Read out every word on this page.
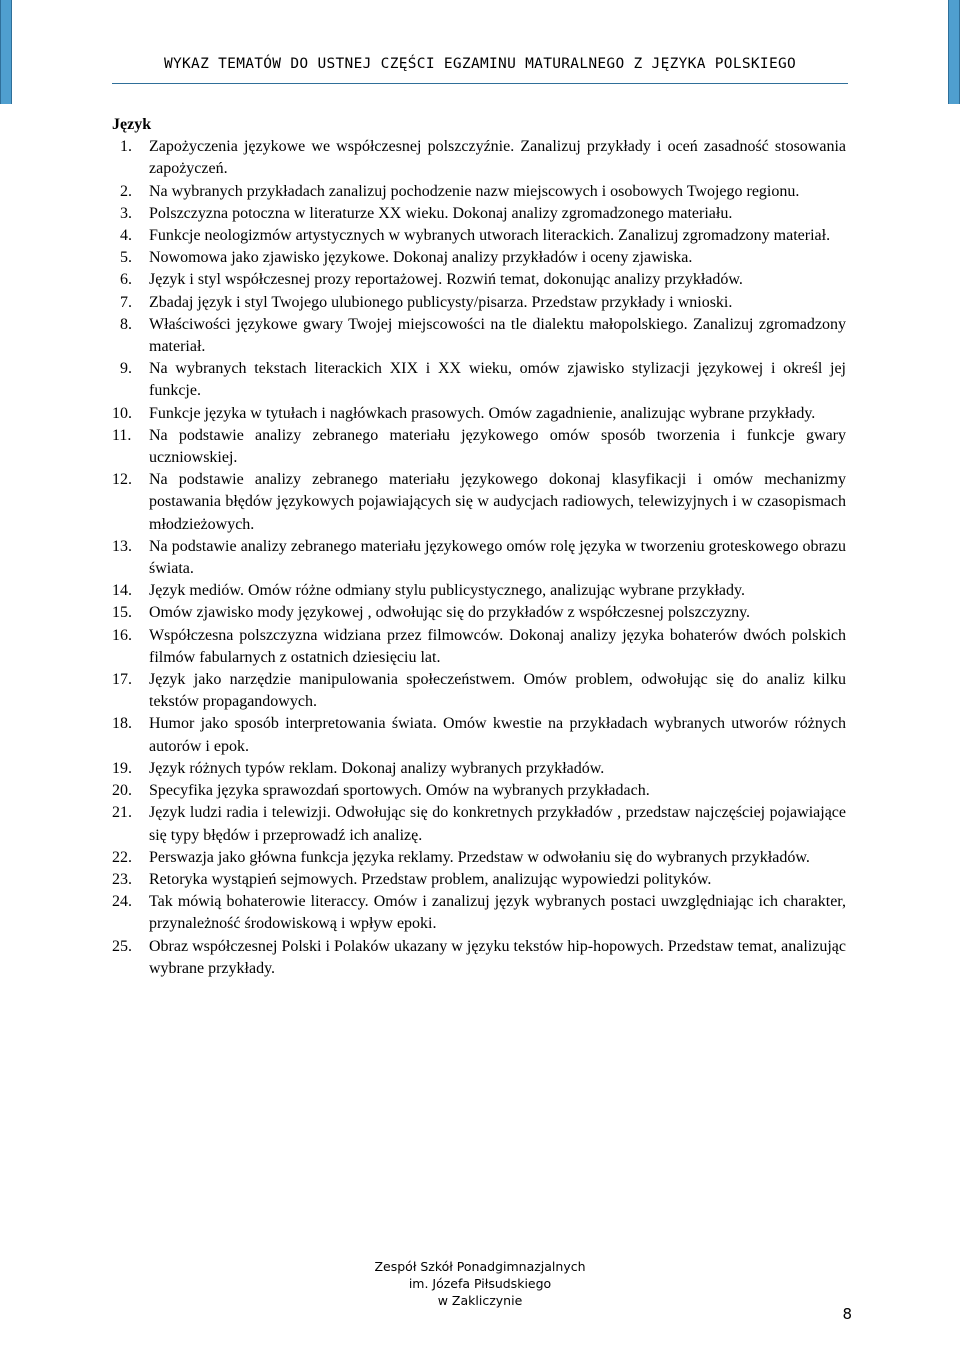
WYKAZ TEMATÓW DO USTNEJ CZĘŚCI EGZAMINU MATURALNEGO Z JĘZYKA POLSKIEGO
Język
1.	Zapożyczenia językowe we współczesnej polszczyźnie. Zanalizuj przykłady i oceń zasadność stosowania zapożyczeń.
2.	Na wybranych przykładach zanalizuj pochodzenie nazw miejscowych i osobowych Twojego regionu.
3.	Polszczyzna potoczna w literaturze XX wieku. Dokonaj analizy zgromadzonego materiału.
4.	Funkcje neologizmów artystycznych w wybranych utworach literackich. Zanalizuj zgromadzony materiał.
5.	Nowomowa jako zjawisko językowe. Dokonaj analizy przykładów i oceny zjawiska.
6.	Język i styl współczesnej prozy reportażowej. Rozwiń temat, dokonując analizy przykładów.
7.	Zbadaj język i styl Twojego ulubionego publicysty/pisarza. Przedstaw przykłady i wnioski.
8.	Właściwości językowe gwary Twojej miejscowości na tle dialektu małopolskiego. Zanalizuj zgromadzony materiał.
9.	Na wybranych tekstach literackich XIX i XX wieku, omów zjawisko stylizacji językowej i określ jej funkcje.
10.	Funkcje języka w tytułach i nagłówkach prasowych. Omów zagadnienie, analizując wybrane przykłady.
11.	Na podstawie analizy zebranego materiału językowego omów sposób tworzenia i funkcje gwary uczniowskiej.
12.	Na podstawie analizy zebranego materiału językowego dokonaj klasyfikacji i omów mechanizmy postawania błędów językowych pojawiających się w audycjach radiowych, telewizyjnych i w czasopismach młodzieżowych.
13.	Na podstawie analizy zebranego materiału językowego omów rolę języka w tworzeniu groteskowego obrazu świata.
14.	Język mediów. Omów różne odmiany stylu publicystycznego, analizując wybrane przykłady.
15.	Omów zjawisko mody językowej , odwołując się do przykładów z współczesnej polszczyzny.
16.	Współczesna polszczyzna widziana przez filmowców. Dokonaj analizy języka bohaterów dwóch polskich filmów fabularnych z ostatnich dziesięciu lat.
17.	Język jako narzędzie manipulowania społeczeństwem. Omów problem, odwołując się do analiz kilku tekstów propagandowych.
18.	Humor jako sposób interpretowania świata. Omów kwestie na przykładach wybranych utworów różnych autorów i epok.
19.	Język różnych typów reklam. Dokonaj analizy wybranych przykładów.
20.	Specyfika języka sprawozdań sportowych. Omów na wybranych przykładach.
21.	Język ludzi radia i telewizji. Odwołując się do konkretnych przykładów , przedstaw najczęściej pojawiające się typy błędów i przeprowadź ich analizę.
22.	Perswazja jako główna funkcja języka reklamy. Przedstaw w odwołaniu się do wybranych przykładów.
23.	Retoryka wystąpień sejmowych. Przedstaw problem, analizując wypowiedzi polityków.
24.	Tak mówią bohaterowie literaccy. Omów i zanalizuj język wybranych postaci uwzględniając ich charakter, przynależność środowiskową i wpływ epoki.
25.	Obraz współczesnej Polski i Polaków ukazany w języku tekstów hip-hopowych. Przedstaw temat, analizując wybrane przykłady.
Zespół Szkół Ponadgimnazjalnych
im. Józefa Piłsudskiego
w Zakliczynie
8
